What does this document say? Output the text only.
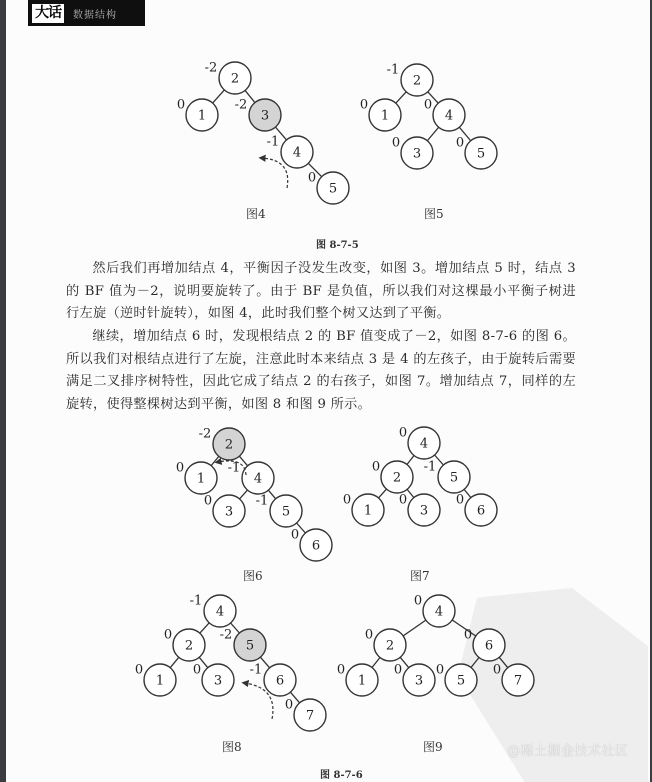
大话	数据结构
2
-2
1
0
3
-2
4
-1
5
0
2
-1
1
0
4
0
3
0
5
0
2
-2
1
0
4
-1
3
0
5
-1
6
0
4
0
2
0
5
-1
1
0
3
0
6
0
4
-1
2
0
5
-2
1
0
3
0
6
-1
7
0
4
0
2
0
6
0
1
0
3
0
5
0
7
0
图4	图5
图 8-7-5

然后我们再增加结点 4，平衡因子没发生改变，如图 3。增加结点 5 时，结点 3 的 BF 值为－2，说明要旋转了。由于 BF 是负值，所以我们对这棵最小平衡子树进行左旋（逆时针旋转），如图 4，此时我们整个树又达到了平衡。

继续，增加结点 6 时，发现根结点 2 的 BF 值变成了－2，如图 8-7-6 的图 6。所以我们对根结点进行了左旋，注意此时本来结点 3 是 4 的左孩子，由于旋转后需要满足二叉排序树特性，因此它成了结点 2 的右孩子，如图 7。增加结点 7，同样的左旋转，使得整棵树达到平衡，如图 8 和图 9 所示。

图6	图7
图8	图9
图 8-7-6
@稀土掘金技术社区
